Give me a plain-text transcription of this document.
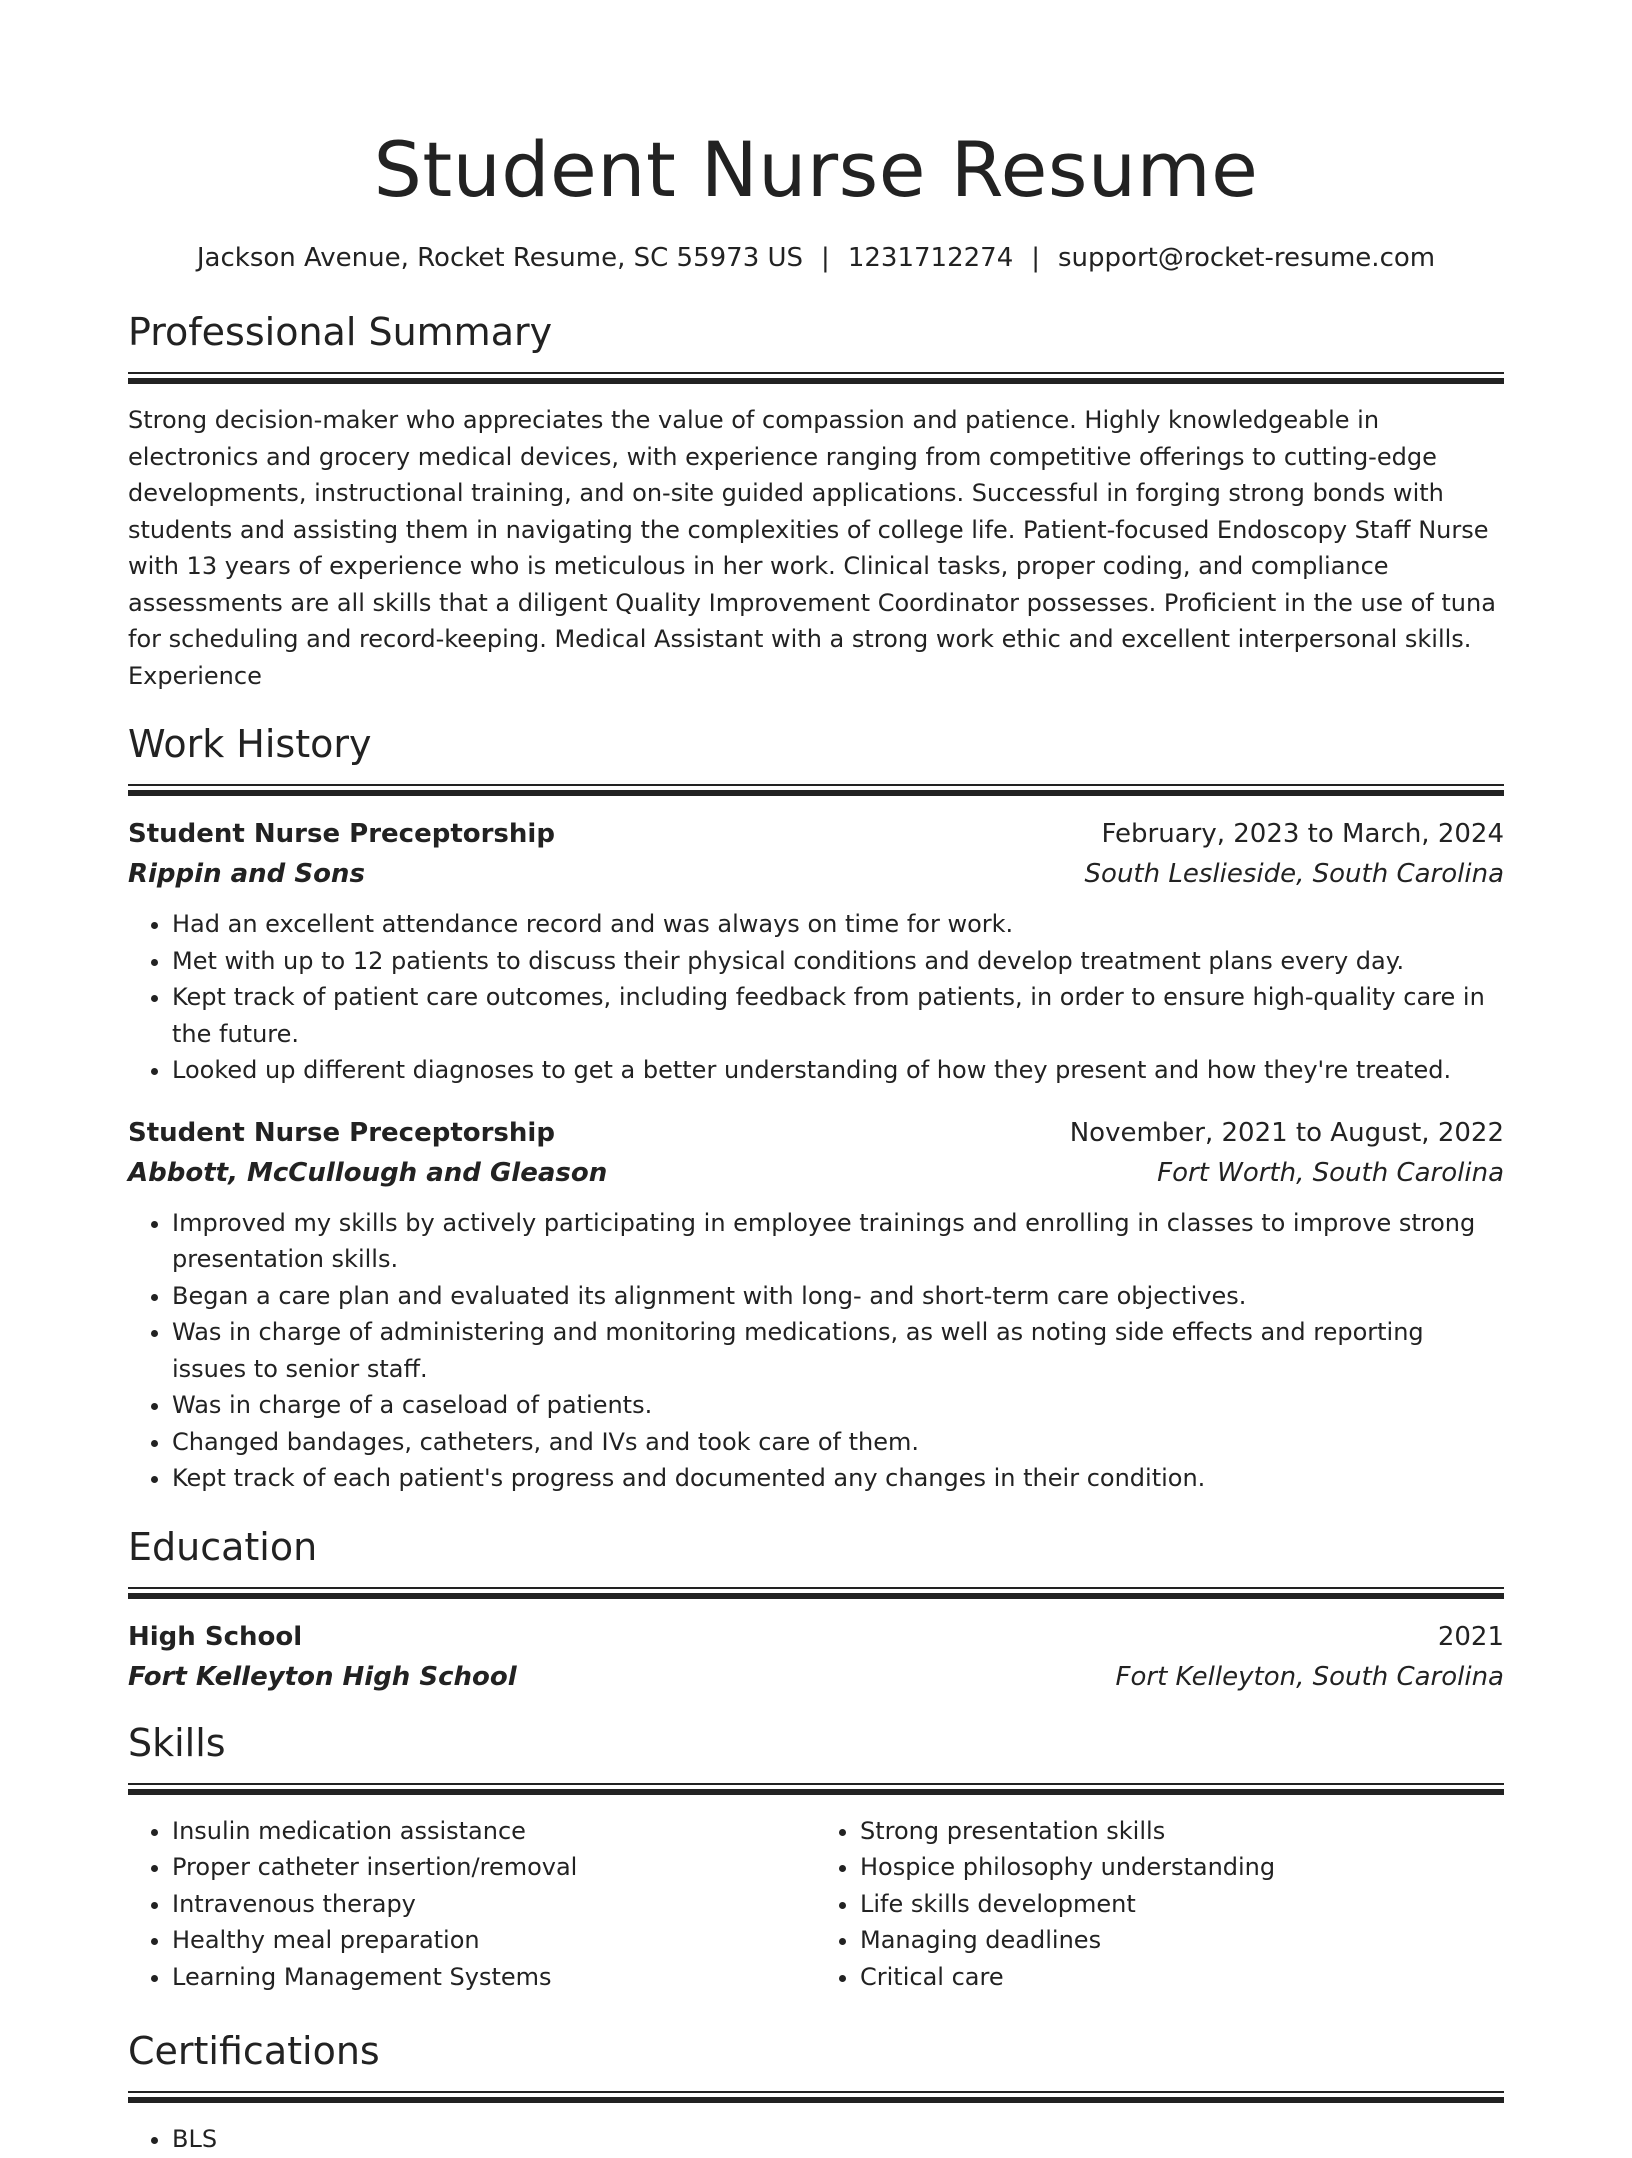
Student Nurse Resume
Jackson Avenue, Rocket Resume, SC 55973 US | 1231712274 | support@rocket-resume.com
Professional Summary

Strong decision-maker who appreciates the value of compassion and patience. Highly knowledgeable in electronics and grocery medical devices, with experience ranging from competitive offerings to cutting-edge developments, instructional training, and on-site guided applications. Successful in forging strong bonds with students and assisting them in navigating the complexities of college life. Patient-focused Endoscopy Staff Nurse with 13 years of experience who is meticulous in her work. Clinical tasks, proper coding, and compliance assessments are all skills that a diligent Quality Improvement Coordinator possesses. Proficient in the use of tuna for scheduling and record-keeping. Medical Assistant with a strong work ethic and excellent interpersonal skills. Experience

Work History
Student Nurse Preceptorship	February, 2023 to March, 2024
Rippin and Sons	South Leslieside, South Carolina
• Had an excellent attendance record and was always on time for work.
• Met with up to 12 patients to discuss their physical conditions and develop treatment plans every day.
• Kept track of patient care outcomes, including feedback from patients, in order to ensure high-quality care in the future.
• Looked up different diagnoses to get a better understanding of how they present and how they're treated.
Student Nurse Preceptorship	November, 2021 to August, 2022
Abbott, McCullough and Gleason	Fort Worth, South Carolina
• Improved my skills by actively participating in employee trainings and enrolling in classes to improve strong presentation skills.
• Began a care plan and evaluated its alignment with long- and short-term care objectives.
• Was in charge of administering and monitoring medications, as well as noting side effects and reporting issues to senior staff.
• Was in charge of a caseload of patients.
• Changed bandages, catheters, and IVs and took care of them.
• Kept track of each patient's progress and documented any changes in their condition.
Education
High School	2021
Fort Kelleyton High School	Fort Kelleyton, South Carolina
Skills
• Insulin medication assistance
• Proper catheter insertion/removal
• Intravenous therapy
• Healthy meal preparation
• Learning Management Systems
• Strong presentation skills
• Hospice philosophy understanding
• Life skills development
• Managing deadlines
• Critical care
Certifications
• BLS
